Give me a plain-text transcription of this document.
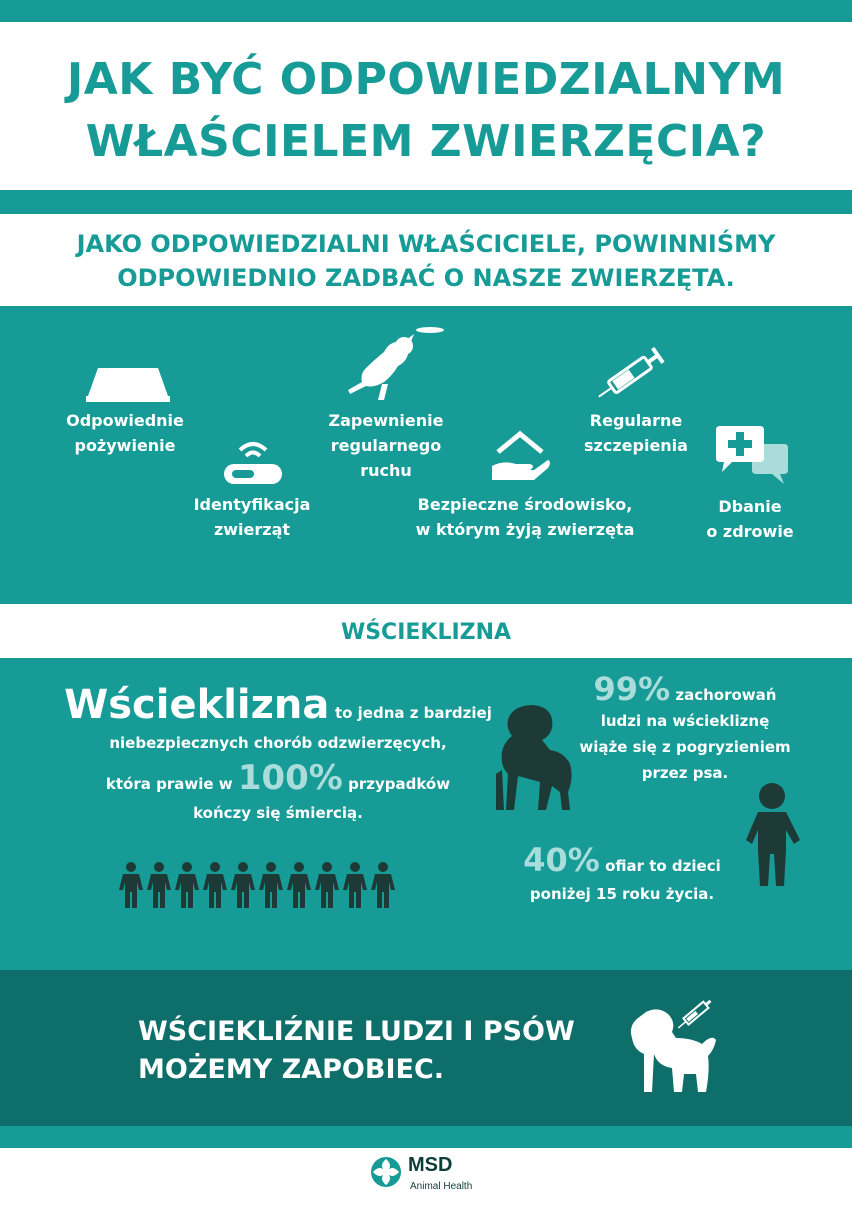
JAK BYĆ ODPOWIEDZIALNYM
WŁAŚCIELEM ZWIERZĘCIA?
JAKO ODPOWIEDZIALNI WŁAŚCICIELE, POWINNIŚMY
ODPOWIEDNIO ZADBAĆ O NASZE ZWIERZĘTA.
Odpowiednie
pożywienie
Identyfikacja
zwierząt
Zapewnienie
regularnego
ruchu
Bezpieczne środowisko,
w którym żyją zwierzęta
Regularne
szczepienia
Dbanie
o zdrowie
WŚCIEKLIZNA
Wścieklizna to jedna z bardziej
niebezpiecznych chorób odzwierzęcych,
która prawie w 100% przypadków
kończy się śmiercią.
99% zachorowań
ludzi na wściekliznę
wiąże się z pogryzieniem
przez psa.
40% ofiar to dzieci
poniżej 15 roku życia.
WŚCIEKLIŹNIE LUDZI I PSÓW
MOŻEMY ZAPOBIEC.
MSD
Animal Health
